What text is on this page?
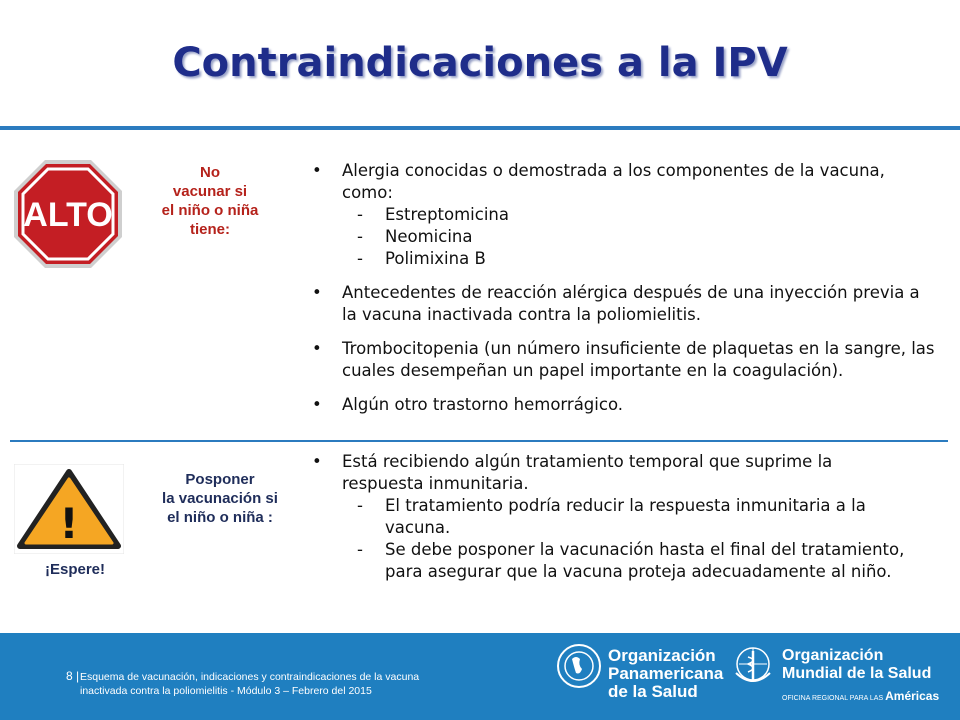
Contraindicaciones a la IPV
ALTO
No
vacunar si
el niño o niña
tiene:
• Alergia conocidas o demostrada a los componentes de la vacuna,
como:
- Estreptomicina
- Neomicina
- Polimixina B
• Antecedentes de reacción alérgica después de una inyección previa a
la vacuna inactivada contra la poliomielitis.
• Trombocitopenia (un número insuficiente de plaquetas en la sangre, las
cuales desempeñan un papel importante en la coagulación).
• Algún otro trastorno hemorrágico.
!
Posponer
la vacunación si
el niño o niña :
¡Espere!
• Está recibiendo algún tratamiento temporal que suprime la
respuesta inmunitaria.
- El tratamiento podría reducir la respuesta inmunitaria a la
vacuna.
- Se debe posponer la vacunación hasta el final del tratamiento,
para asegurar que la vacuna proteja adecuadamente al niño.
8 | Esquema de vacunación, indicaciones y contraindicaciones de la vacuna
inactivada contra la poliomielitis - Módulo 3 – Febrero del 2015
Organización
Panamericana
de la Salud
Organización
Mundial de la Salud
OFICINA REGIONAL PARA LAS Américas
